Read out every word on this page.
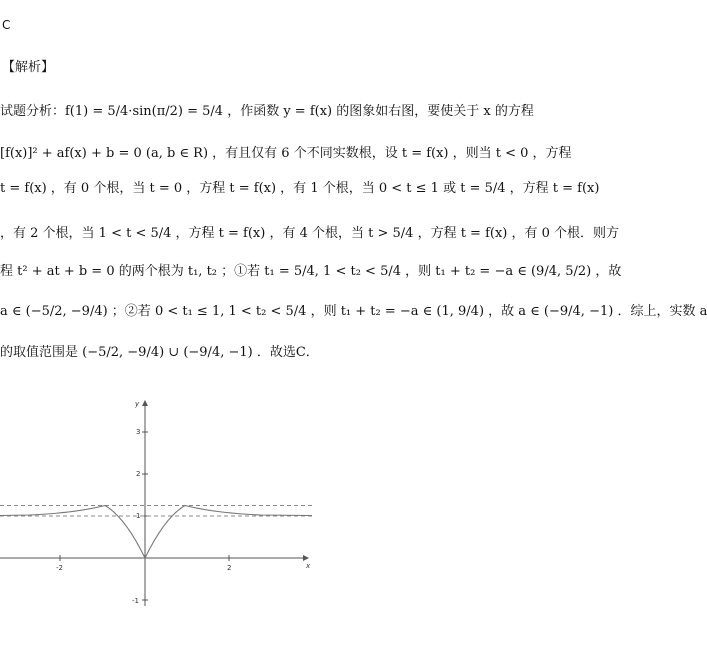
C
【解析】
试题分析：f(1) = 5/4·sin(π/2) = 5/4 ，作函数 y = f(x) 的图象如右图，要使关于 x 的方程
[f(x)]² + af(x) + b = 0 (a, b ∈ R) ，有且仅有 6 个不同实数根，设 t = f(x) ，则当 t < 0 ，方程
t = f(x) ，有 0 个根，当 t = 0 ，方程 t = f(x) ，有 1 个根，当 0 < t ≤ 1 或 t = 5/4 ，方程 t = f(x)
，有 2 个根，当 1 < t < 5/4 ，方程 t = f(x) ，有 4 个根，当 t > 5/4 ，方程 t = f(x) ，有 0 个根．则方
程 t² + at + b = 0 的两个根为 t₁, t₂ ；①若 t₁ = 5/4, 1 < t₂ < 5/4 ，则 t₁ + t₂ = −a ∈ (9/4, 5/2) ，故
a ∈ (−5/2, −9/4) ；②若 0 < t₁ ≤ 1, 1 < t₂ < 5/4 ，则 t₁ + t₂ = −a ∈ (1, 9/4) ，故 a ∈ (−9/4, −1) ．综上，实数 a
的取值范围是 (−5/2, −9/4) ∪ (−9/4, −1) ．故选C．
-2	2
3
2
1
-1
x
y
